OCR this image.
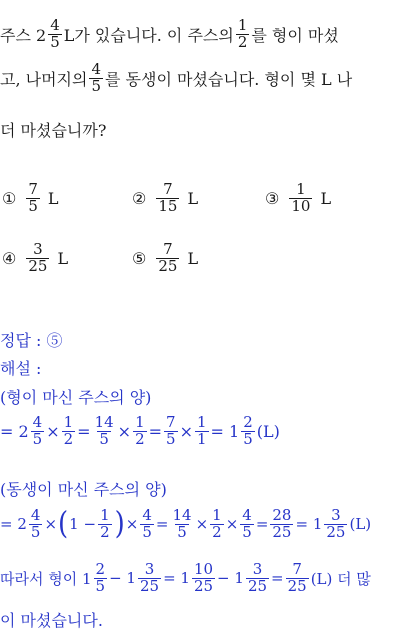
주스 $2 \frac{4}{5}$ L가 있습니다. 이 주스의 $\frac{1}{2}$ 를 형이 마셨
고, 나머지의 $\frac{4}{5}$ 를 동생이 마셨습니다. 형이 몇 L 나
더 마셨습니까?
① $\frac{7}{5}$ L	② $\frac{7}{15}$ L	③ $\frac{1}{10}$ L
④ $\frac{3}{25}$ L	⑤ $\frac{7}{25}$ L
정답 : ⑤
해설 :
(형이 마신 주스의 양)
= $2 \frac{4}{5} \times \frac{1}{2} = \frac{14}{5} \times \frac{1}{2} = \frac{7}{5} \times \frac{1}{1} = 1 \frac{2}{5} (L)$
(동생이 마신 주스의 양)
= $2 \frac{4}{5}$ × ( $1 - \frac{1}{2}$ ) × $\frac{4}{5} = \frac{14}{5} \times \frac{1}{2} \times \frac{4}{5} = \frac{28}{25} = 1 \frac{3}{25} (L)$
따라서 형이 $1 \frac{2}{5} - 1 \frac{3}{25} = 1 \frac{10}{25} - 1 \frac{3}{25} = \frac{7}{25} (L)$ 더 많
이 마셨습니다.
